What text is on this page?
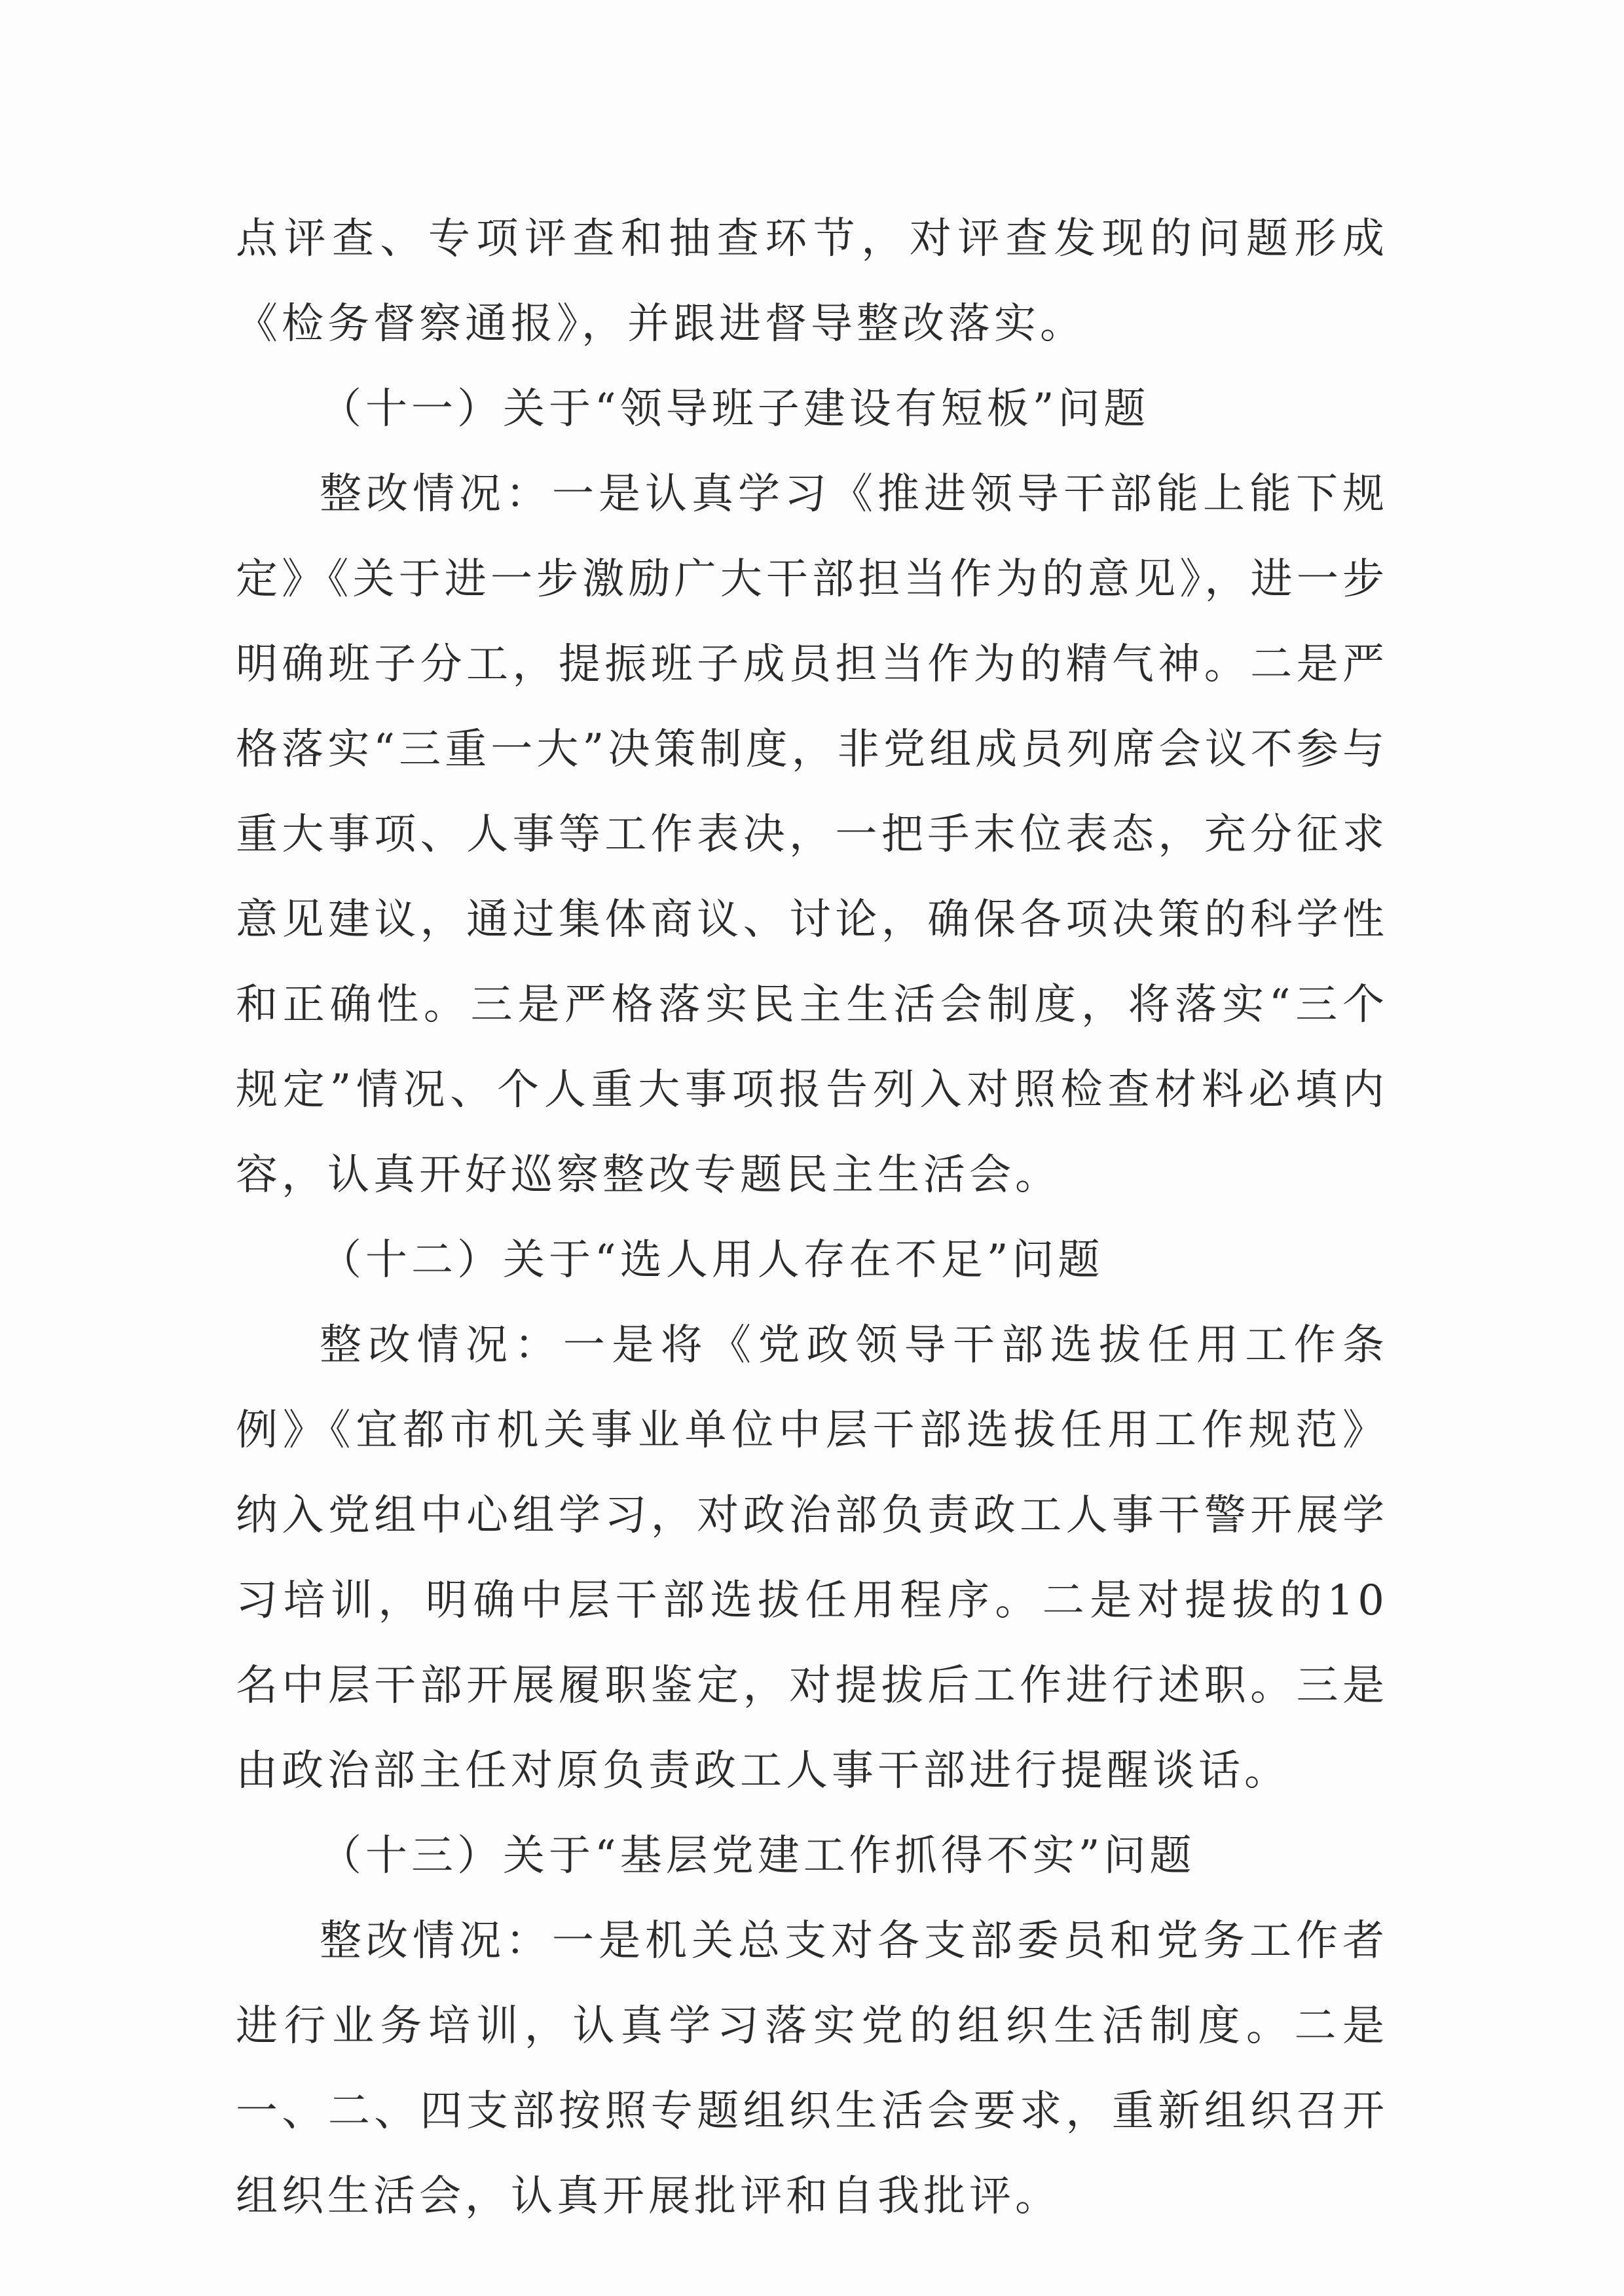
点评查、专项评查和抽查环节，对评查发现的问题形成《检务督察通报》，并跟进督导整改落实。

（十一）关于“领导班子建设有短板”问题

整改情况：一是认真学习《推进领导干部能上能下规定》《关于进一步激励广大干部担当作为的意见》，进一步明确班子分工，提振班子成员担当作为的精气神。二是严格落实“三重一大”决策制度，非党组成员列席会议不参与重大事项、人事等工作表决，一把手末位表态，充分征求意见建议，通过集体商议、讨论，确保各项决策的科学性和正确性。三是严格落实民主生活会制度，将落实“三个规定”情况、个人重大事项报告列入对照检查材料必填内容，认真开好巡察整改专题民主生活会。

（十二）关于“选人用人存在不足”问题

整改情况：一是将《党政领导干部选拔任用工作条例》《宜都市机关事业单位中层干部选拔任用工作规范》纳入党组中心组学习，对政治部负责政工人事干警开展学习培训，明确中层干部选拔任用程序。二是对提拔的10名中层干部开展履职鉴定，对提拔后工作进行述职。三是由政治部主任对原负责政工人事干部进行提醒谈话。

（十三）关于“基层党建工作抓得不实”问题

整改情况：一是机关总支对各支部委员和党务工作者进行业务培训，认真学习落实党的组织生活制度。二是一、二、四支部按照专题组织生活会要求，重新组织召开组织生活会，认真开展批评和自我批评。
